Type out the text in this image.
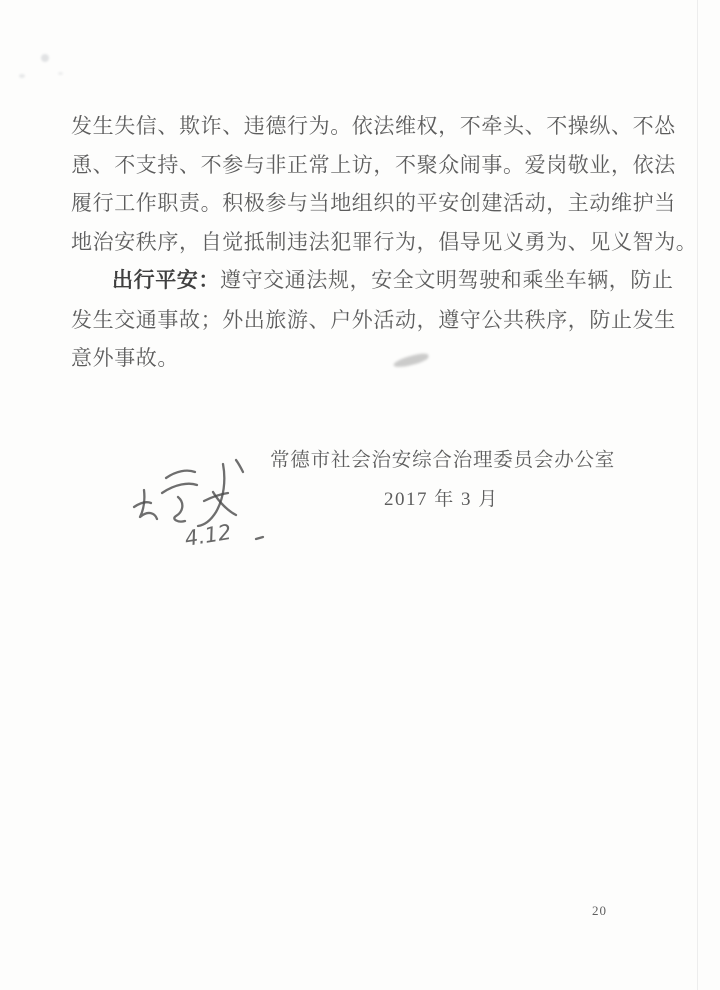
发生失信、欺诈、违德行为。依法维权，不牵头、不操纵、不怂
恿、不支持、不参与非正常上访，不聚众闹事。爱岗敬业，依法
履行工作职责。积极参与当地组织的平安创建活动，主动维护当
地治安秩序，自觉抵制违法犯罪行为，倡导见义勇为、见义智为。
出行平安：遵守交通法规，安全文明驾驶和乘坐车辆，防止
发生交通事故；外出旅游、户外活动，遵守公共秩序，防止发生
意外事故。
常德市社会治安综合治理委员会办公室
2017 年 3 月
4.12
20
